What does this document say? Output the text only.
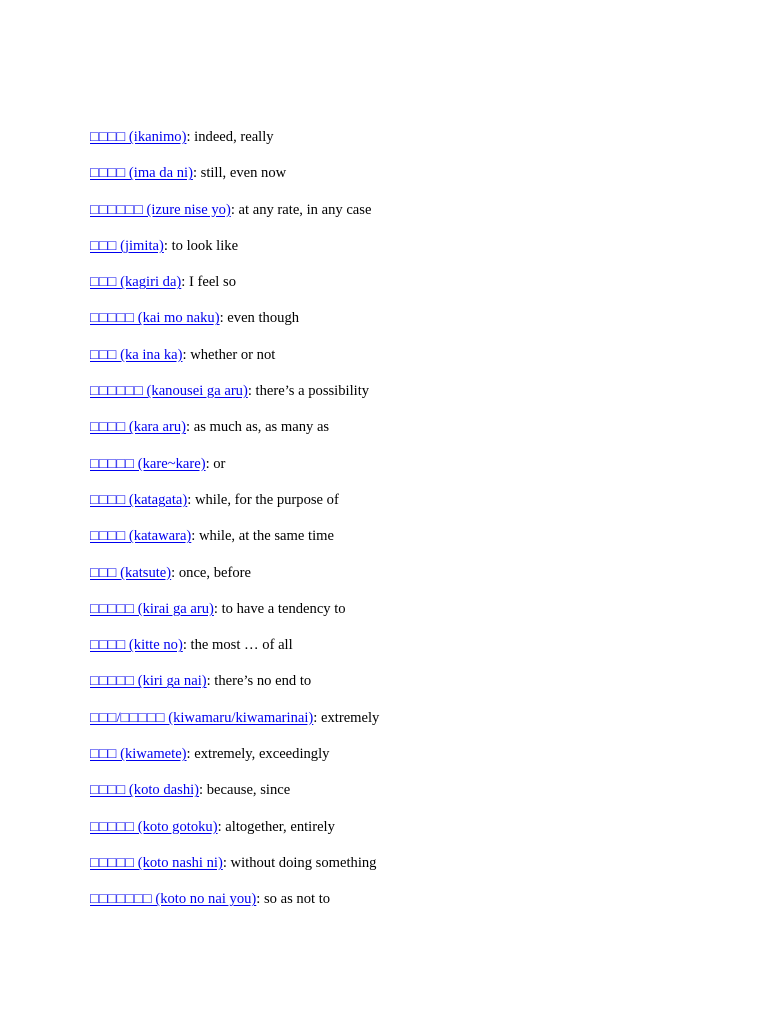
□□□□ (ikanimo): indeed, really
□□□□ (ima da ni): still, even now
□□□□□□ (izure nise yo): at any rate, in any case
□□□ (jimita): to look like
□□□ (kagiri da): I feel so
□□□□□ (kai mo naku): even though
□□□ (ka ina ka): whether or not
□□□□□□ (kanousei ga aru): there’s a possibility
□□□□ (kara aru): as much as, as many as
□□□□□ (kare~kare): or
□□□□ (katagata): while, for the purpose of
□□□□ (katawara): while, at the same time
□□□ (katsute): once, before
□□□□□ (kirai ga aru): to have a tendency to
□□□□ (kitte no): the most … of all
□□□□□ (kiri ga nai): there’s no end to
□□□/□□□□□ (kiwamaru/kiwamarinai): extremely
□□□ (kiwamete): extremely, exceedingly
□□□□ (koto dashi): because, since
□□□□□ (koto gotoku): altogether, entirely
□□□□□ (koto nashi ni): without doing something
□□□□□□□ (koto no nai you): so as not to
